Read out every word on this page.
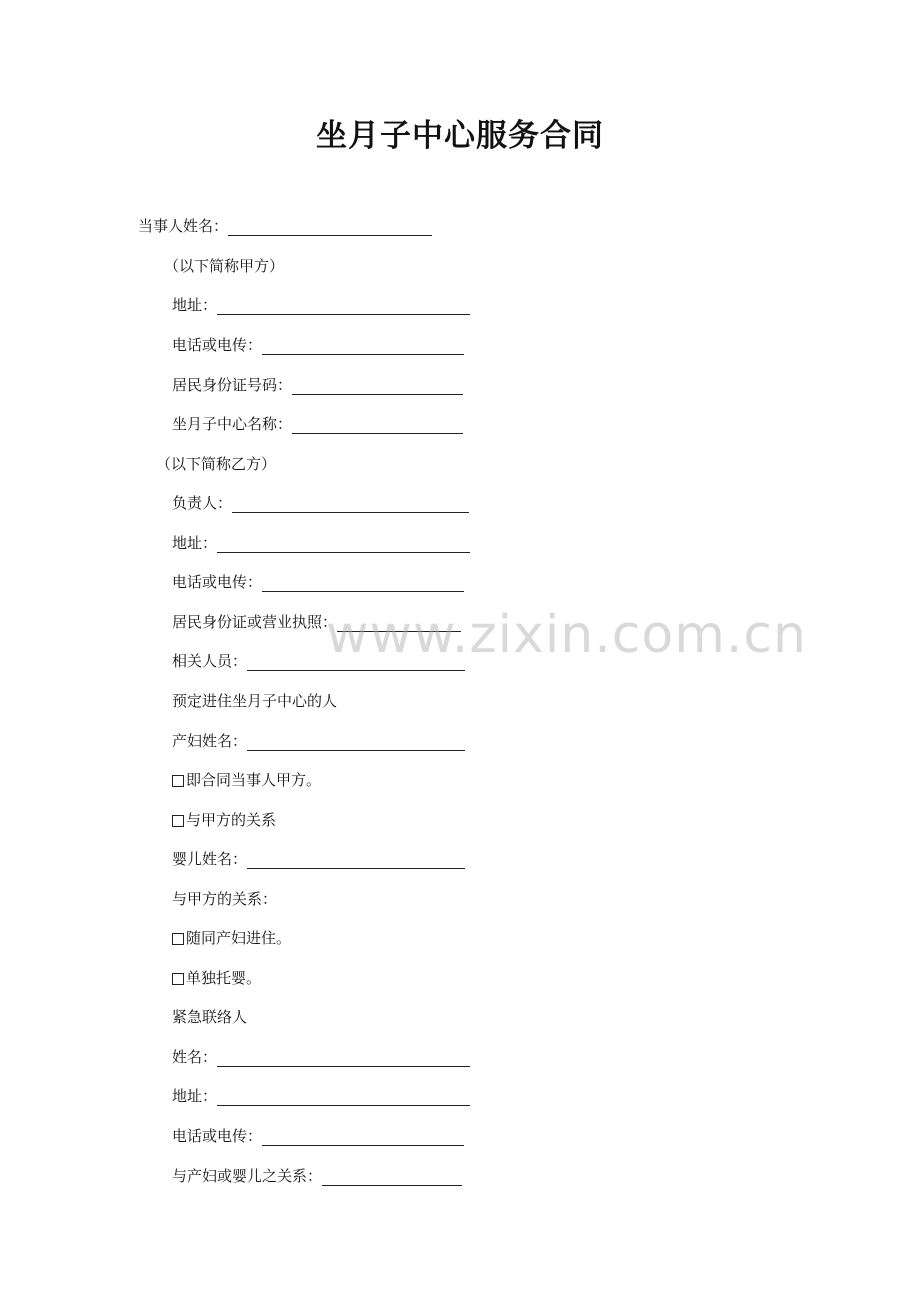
坐月子中心服务合同
当事人姓名：
（以下简称甲方）
地址：
电话或电传：
居民身份证号码：
坐月子中心名称：
（以下简称乙方）
负责人：
地址：
电话或电传：
居民身份证或营业执照：
相关人员：
预定进住坐月子中心的人
产妇姓名：
即合同当事人甲方。
与甲方的关系
婴儿姓名：
与甲方的关系：
随同产妇进住。
单独托婴。
紧急联络人
姓名：
地址：
电话或电传：
与产妇或婴儿之关系：
www.zixin.com.cn
